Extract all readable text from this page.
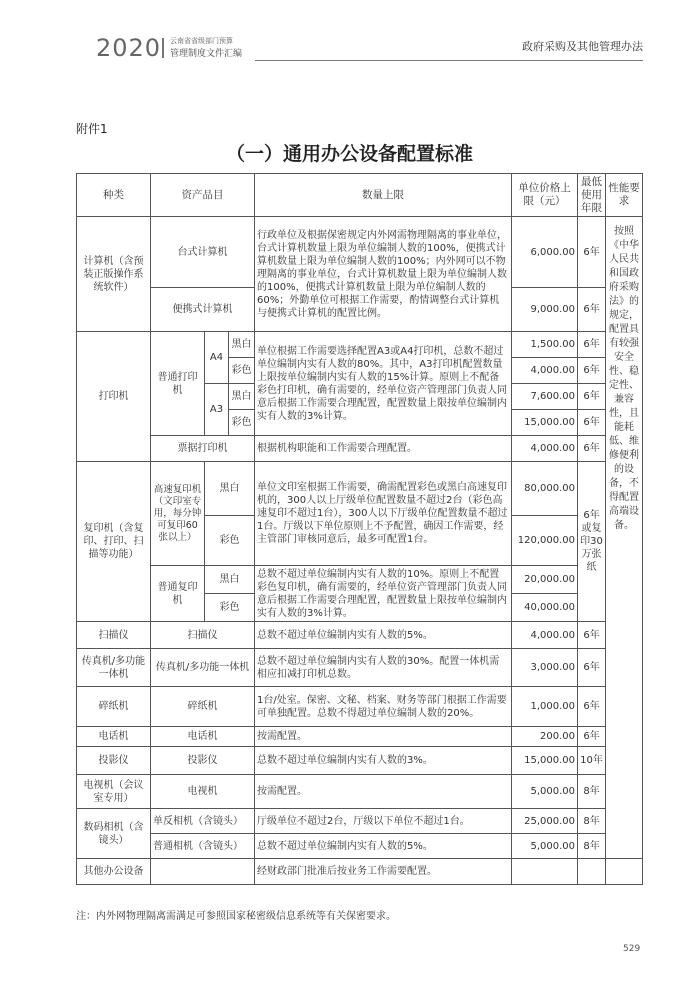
2020 云南省省级部门预算
管理制度文件汇编
政府采购及其他管理办法
附件1
（一）通用办公设备配置标准
种类	资产品目			数量上限	单位价格上限（元）	最低使用年限	性能要求
计算机（含预装正版操作系统软件）	台式计算机			行政单位及根据保密规定内外网需物理隔离的事业单位，台式计算机数量上限为单位编制人数的100%，便携式计算机数量上限为单位编制人数的100%；内外网可以不物理隔离的事业单位，台式计算机数量上限为单位编制人数的100%，便携式计算机数量上限为单位编制人数的60%；外勤单位可根据工作需要，酌情调整台式计算机与便携式计算机的配置比例。	6,000.00	6年	按照《中华人民共和国政府采购法》的规定，配置具有较强安全性、稳定性、兼容性，且能耗低、维修便利的设备，不得配置高端设备。
	便携式计算机				9,000.00	6年	
打印机	普通打印机	A4	黑白	单位根据工作需要选择配置A3或A4打印机，总数不超过单位编制内实有人数的80%。其中，A3打印机配置数量上限按单位编制内实有人数的15%计算。原则上不配备彩色打印机，确有需要的，经单位资产管理部门负责人同意后根据工作需要合理配置，配置数量上限按单位编制内实有人数的3%计算。	1,500.00	6年	
			彩色		4,000.00	6年	
		A3	黑白		7,600.00	6年	
			彩色		15,000.00	6年	
	票据打印机			根据机构职能和工作需要合理配置。	4,000.00	6年	
复印机（含复印、打印、扫描等功能）	高速复印机（文印室专用，每分钟可复印60张以上）	黑白		单位文印室根据工作需要，确需配置彩色或黑白高速复印机的，300人以上厅级单位配置数量不超过2台（彩色高速复印不超过1台），300人以下厅级单位配置数量不超过1台。厅级以下单位原则上不予配置，确因工作需要，经主管部门审核同意后，最多可配置1台。	80,000.00	6年或复印30万张纸	
		彩色			120,000.00		
	普通复印机	黑白		总数不超过单位编制内实有人数的10%。原则上不配置彩色复印机，确有需要的，经单位资产管理部门负责人同意后根据工作需要合理配置，配置数量上限按单位编制内实有人数的3%计算。	20,000.00		
		彩色			40,000.00		
扫描仪	扫描仪			总数不超过单位编制内实有人数的5%。	4,000.00	6年	
传真机/多功能一体机	传真机/多功能一体机			总数不超过单位编制内实有人数的30%。配置一体机需相应扣减打印机总数。	3,000.00	6年	
碎纸机	碎纸机			1台/处室。保密、文秘、档案、财务等部门根据工作需要可单独配置。总数不得超过单位编制人数的20%。	1,000.00	6年	
电话机	电话机			按需配置。	200.00	6年	
投影仪	投影仪			总数不超过单位编制内实有人数的3%。	15,000.00	10年	
电视机（会议室专用）	电视机			按需配置。	5,000.00	8年	
数码相机（含镜头）	单反相机（含镜头）			厅级单位不超过2台，厅级以下单位不超过1台。	25,000.00	8年	
	普通相机（含镜头）			总数不超过单位编制内实有人数的5%。	5,000.00	8年	
其他办公设备				经财政部门批准后按业务工作需要配置。			
注：内外网物理隔离需满足可参照国家秘密级信息系统等有关保密要求。
529
